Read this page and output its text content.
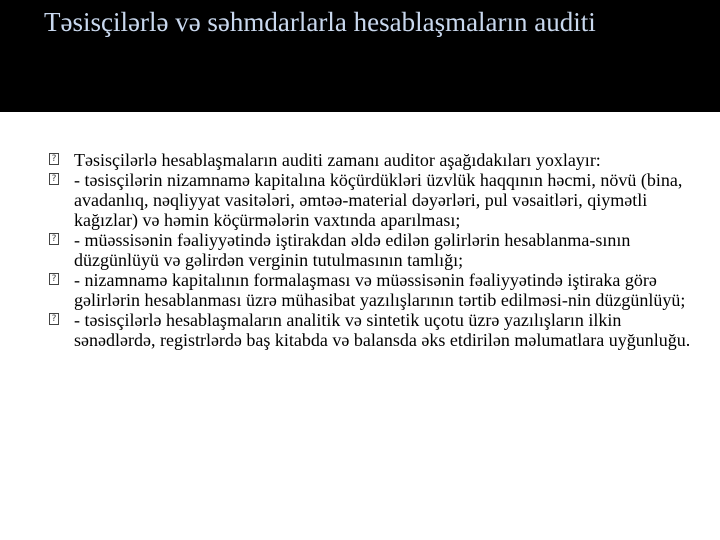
Təsisçilərlə və səhmdarlarla hesablaşmaların auditi

? Təsisçilərlə hesablaşmaların auditi zamanı auditor aşağıdakıları yoxlayır:

? - təsisçilərin nizamnamə kapitalına köçürdükləri üzvlük haqqının həcmi, növü (bina, avadanlıq, nəqliyyat vasitələri, əmtəə-material dəyərləri, pul vəsaitləri, qiymətli kağızlar) və həmin köçürmələrin vaxtında aparılması;

? - müəssisənin fəaliyyətində iştirakdan əldə edilən gəlirlərin hesablanma-sının düzgünlüyü və gəlirdən verginin tutulmasının tamlığı;

? - nizamnamə kapitalının formalaşması və müəssisənin fəaliyyətində iştiraka görə gəlirlərin hesablanması üzrə mühasibat yazılışlarının tərtib edilməsi-nin düzgünlüyü;

? - təsisçilərlə hesablaşmaların analitik və sintetik uçotu üzrə yazılışların ilkin sənədlərdə, registrlərdə baş kitabda və balansda əks etdirilən məlumatlara uyğunluğu.
